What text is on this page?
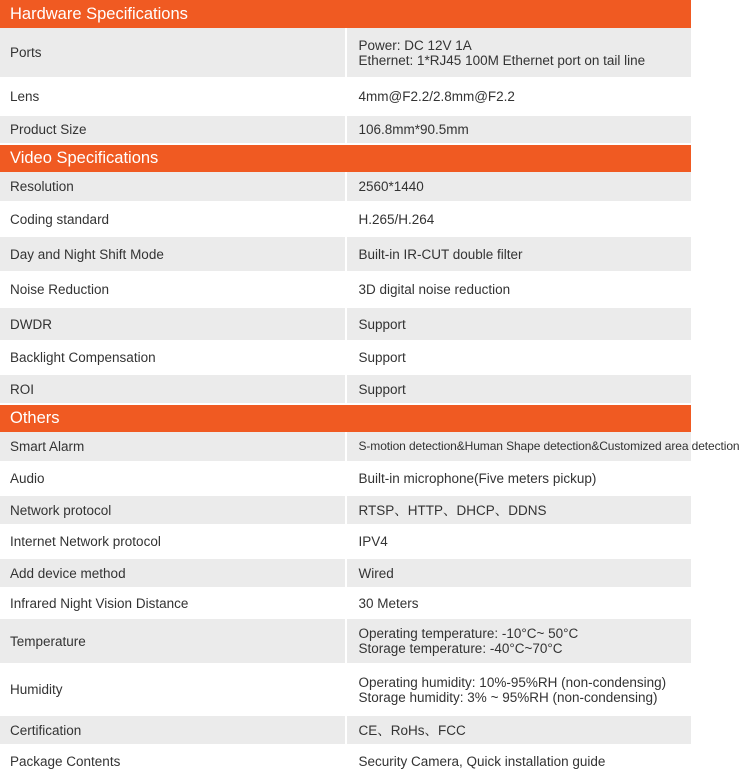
Hardware Specifications	
Ports	Power: DC 12V 1A
Ethernet: 1*RJ45 100M Ethernet port on tail line

Lens	4mm@F2.2/2.8mm@F2.2
Product Size	106.8mm*90.5mm
Video Specifications	
Resolution	2560*1440
Coding standard	H.265/H.264
Day and Night Shift Mode	Built-in IR-CUT double filter
Noise Reduction	3D digital noise reduction
DWDR	Support
Backlight Compensation	Support
ROI	Support
Others	
Smart Alarm	S-motion detection&Human Shape detection&Customized area detection
Audio	Built-in microphone(Five meters pickup)
Network protocol	RTSP、HTTP、DHCP、DDNS
Internet Network protocol	IPV4
Add device method	Wired
Infrared Night Vision Distance	30 Meters
Temperature	Operating temperature: -10°C~ 50°C
Storage temperature: -40°C~70°C

Humidity	Operating humidity: 10%-95%RH (non-condensing)
Storage humidity: 3% ~ 95%RH (non-condensing)

Certification	CE、RoHs、FCC
Package Contents	Security Camera, Quick installation guide
